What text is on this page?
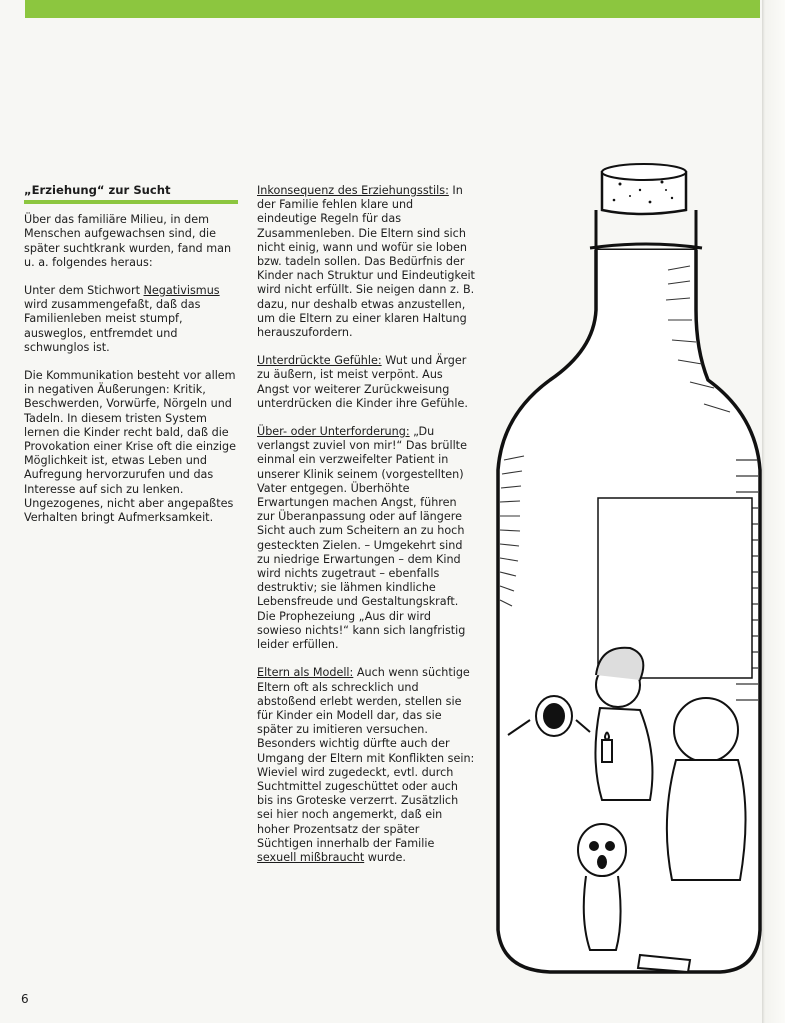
„Erziehung“ zur Sucht

Über das familiäre Milieu, in dem Menschen aufgewachsen sind, die später suchtkrank wurden, fand man u. a. folgendes heraus:

Unter dem Stichwort Negativismus wird zusammengefaßt, daß das Familienleben meist stumpf, ausweglos, entfremdet und schwunglos ist.

Die Kommunikation besteht vor allem in negativen Äußerungen: Kritik, Beschwerden, Vorwürfe, Nörgeln und Tadeln. In diesem tristen System lernen die Kinder recht bald, daß die Provokation einer Krise oft die einzige Möglichkeit ist, etwas Leben und Aufregung hervorzurufen und das Interesse auf sich zu lenken. Ungezogenes, nicht aber angepaßtes Verhalten bringt Aufmerksamkeit.

Inkonsequenz des Erziehungsstils: In der Familie fehlen klare und eindeutige Regeln für das Zusammenleben. Die Eltern sind sich nicht einig, wann und wofür sie loben bzw. tadeln sollen. Das Bedürfnis der Kinder nach Struktur und Eindeutigkeit wird nicht erfüllt. Sie neigen dann z. B. dazu, nur deshalb etwas anzustellen, um die Eltern zu einer klaren Haltung herauszufordern.

Unterdrückte Gefühle: Wut und Ärger zu äußern, ist meist verpönt. Aus Angst vor weiterer Zurückweisung unterdrücken die Kinder ihre Gefühle.

Über- oder Unterforderung: „Du verlangst zuviel von mir!“ Das brüllte einmal ein verzweifelter Patient in unserer Klinik seinem (vorgestellten) Vater entgegen. Überhöhte Erwartungen machen Angst, führen zur Überanpassung oder auf längere Sicht auch zum Scheitern an zu hoch gesteckten Zielen. – Umgekehrt sind zu niedrige Erwartungen – dem Kind wird nichts zugetraut – ebenfalls destruktiv; sie lähmen kindliche Lebensfreude und Gestaltungskraft. Die Prophezeiung „Aus dir wird sowieso nichts!“ kann sich langfristig leider erfüllen.

Eltern als Modell: Auch wenn süchtige Eltern oft als schrecklich und abstoßend erlebt werden, stellen sie für Kinder ein Modell dar, das sie später zu imitieren versuchen. Besonders wichtig dürfte auch der Umgang der Eltern mit Konflikten sein: Wieviel wird zugedeckt, evtl. durch Suchtmittel zugeschüttet oder auch bis ins Groteske verzerrt. Zusätzlich sei hier noch angemerkt, daß ein hoher Prozentsatz der später Süchtigen innerhalb der Familie sexuell mißbraucht wurde.

6
